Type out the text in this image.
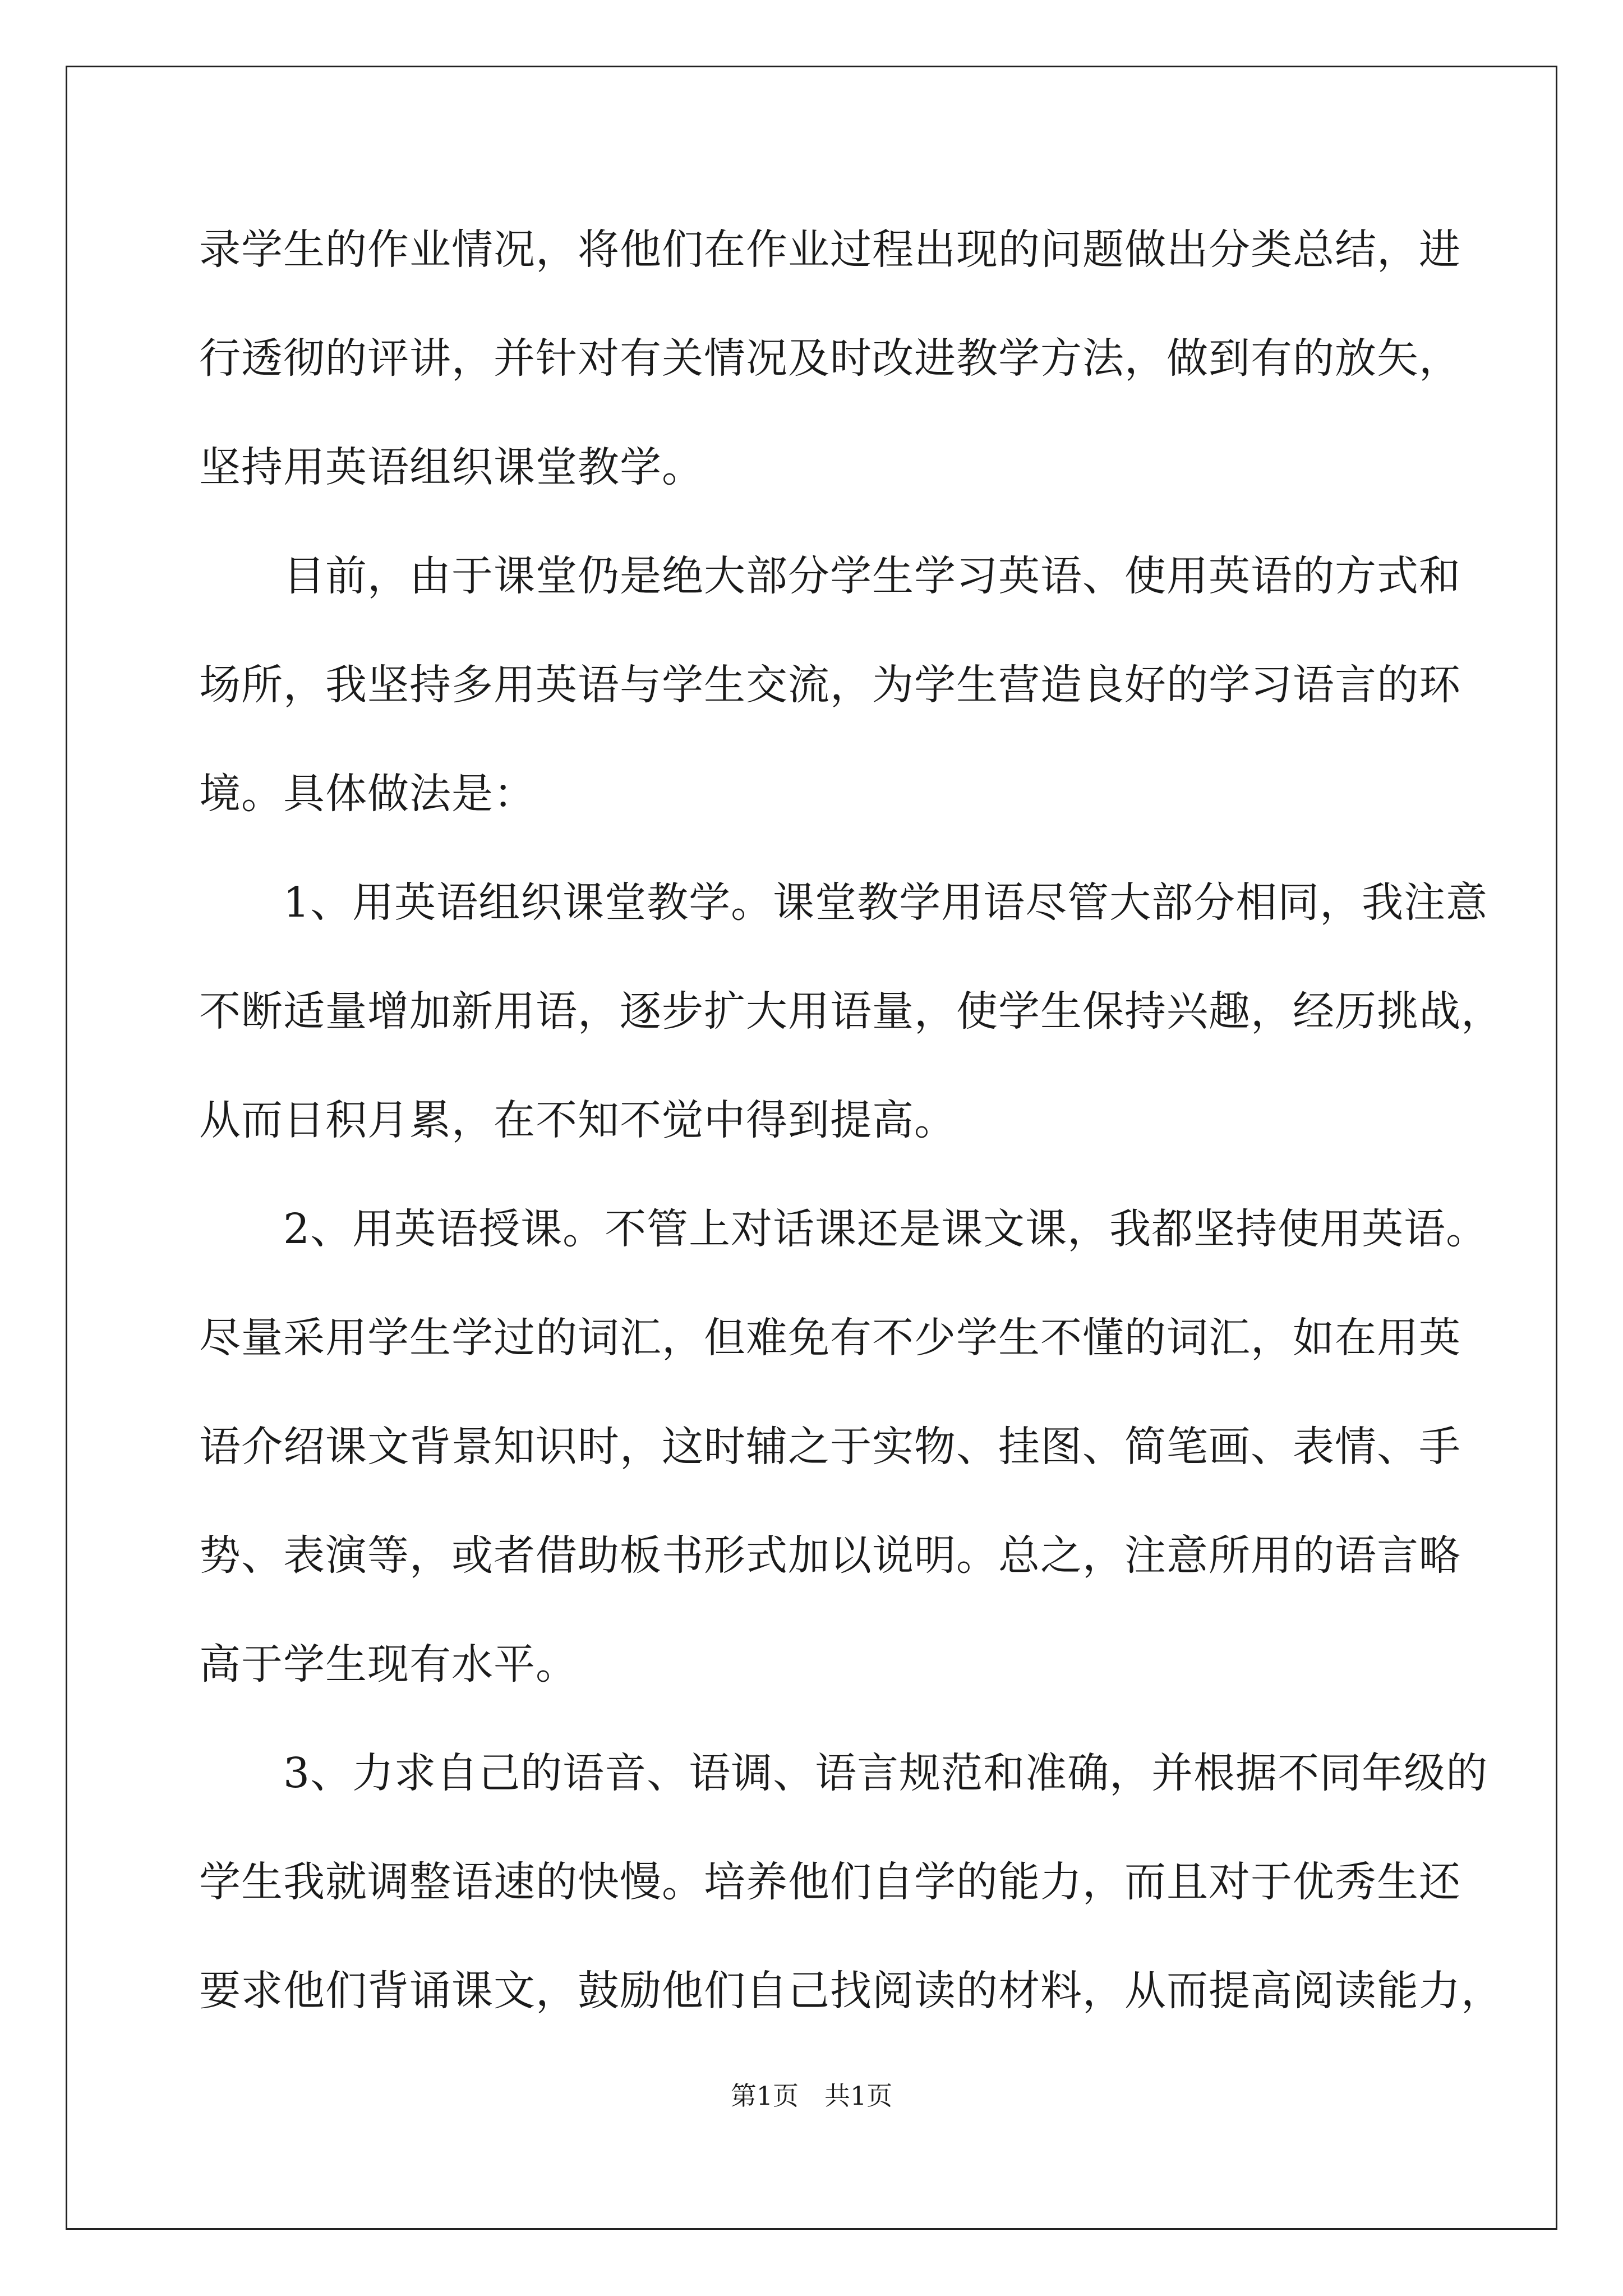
录学生的作业情况，将他们在作业过程出现的问题做出分类总结，进
行透彻的评讲，并针对有关情况及时改进教学方法，做到有的放矢，
坚持用英语组织课堂教学。
　　目前，由于课堂仍是绝大部分学生学习英语、使用英语的方式和
场所，我坚持多用英语与学生交流，为学生营造良好的学习语言的环
境。具体做法是：
　　1、用英语组织课堂教学。课堂教学用语尽管大部分相同，我注意
不断适量增加新用语，逐步扩大用语量，使学生保持兴趣，经历挑战，
从而日积月累，在不知不觉中得到提高。
　　2、用英语授课。不管上对话课还是课文课，我都坚持使用英语。
尽量采用学生学过的词汇，但难免有不少学生不懂的词汇，如在用英
语介绍课文背景知识时，这时辅之于实物、挂图、简笔画、表情、手
势、表演等，或者借助板书形式加以说明。总之，注意所用的语言略
高于学生现有水平。
　　3、力求自己的语音、语调、语言规范和准确，并根据不同年级的
学生我就调整语速的快慢。培养他们自学的能力，而且对于优秀生还
要求他们背诵课文，鼓励他们自己找阅读的材料，从而提高阅读能力，
第1页　共1页
